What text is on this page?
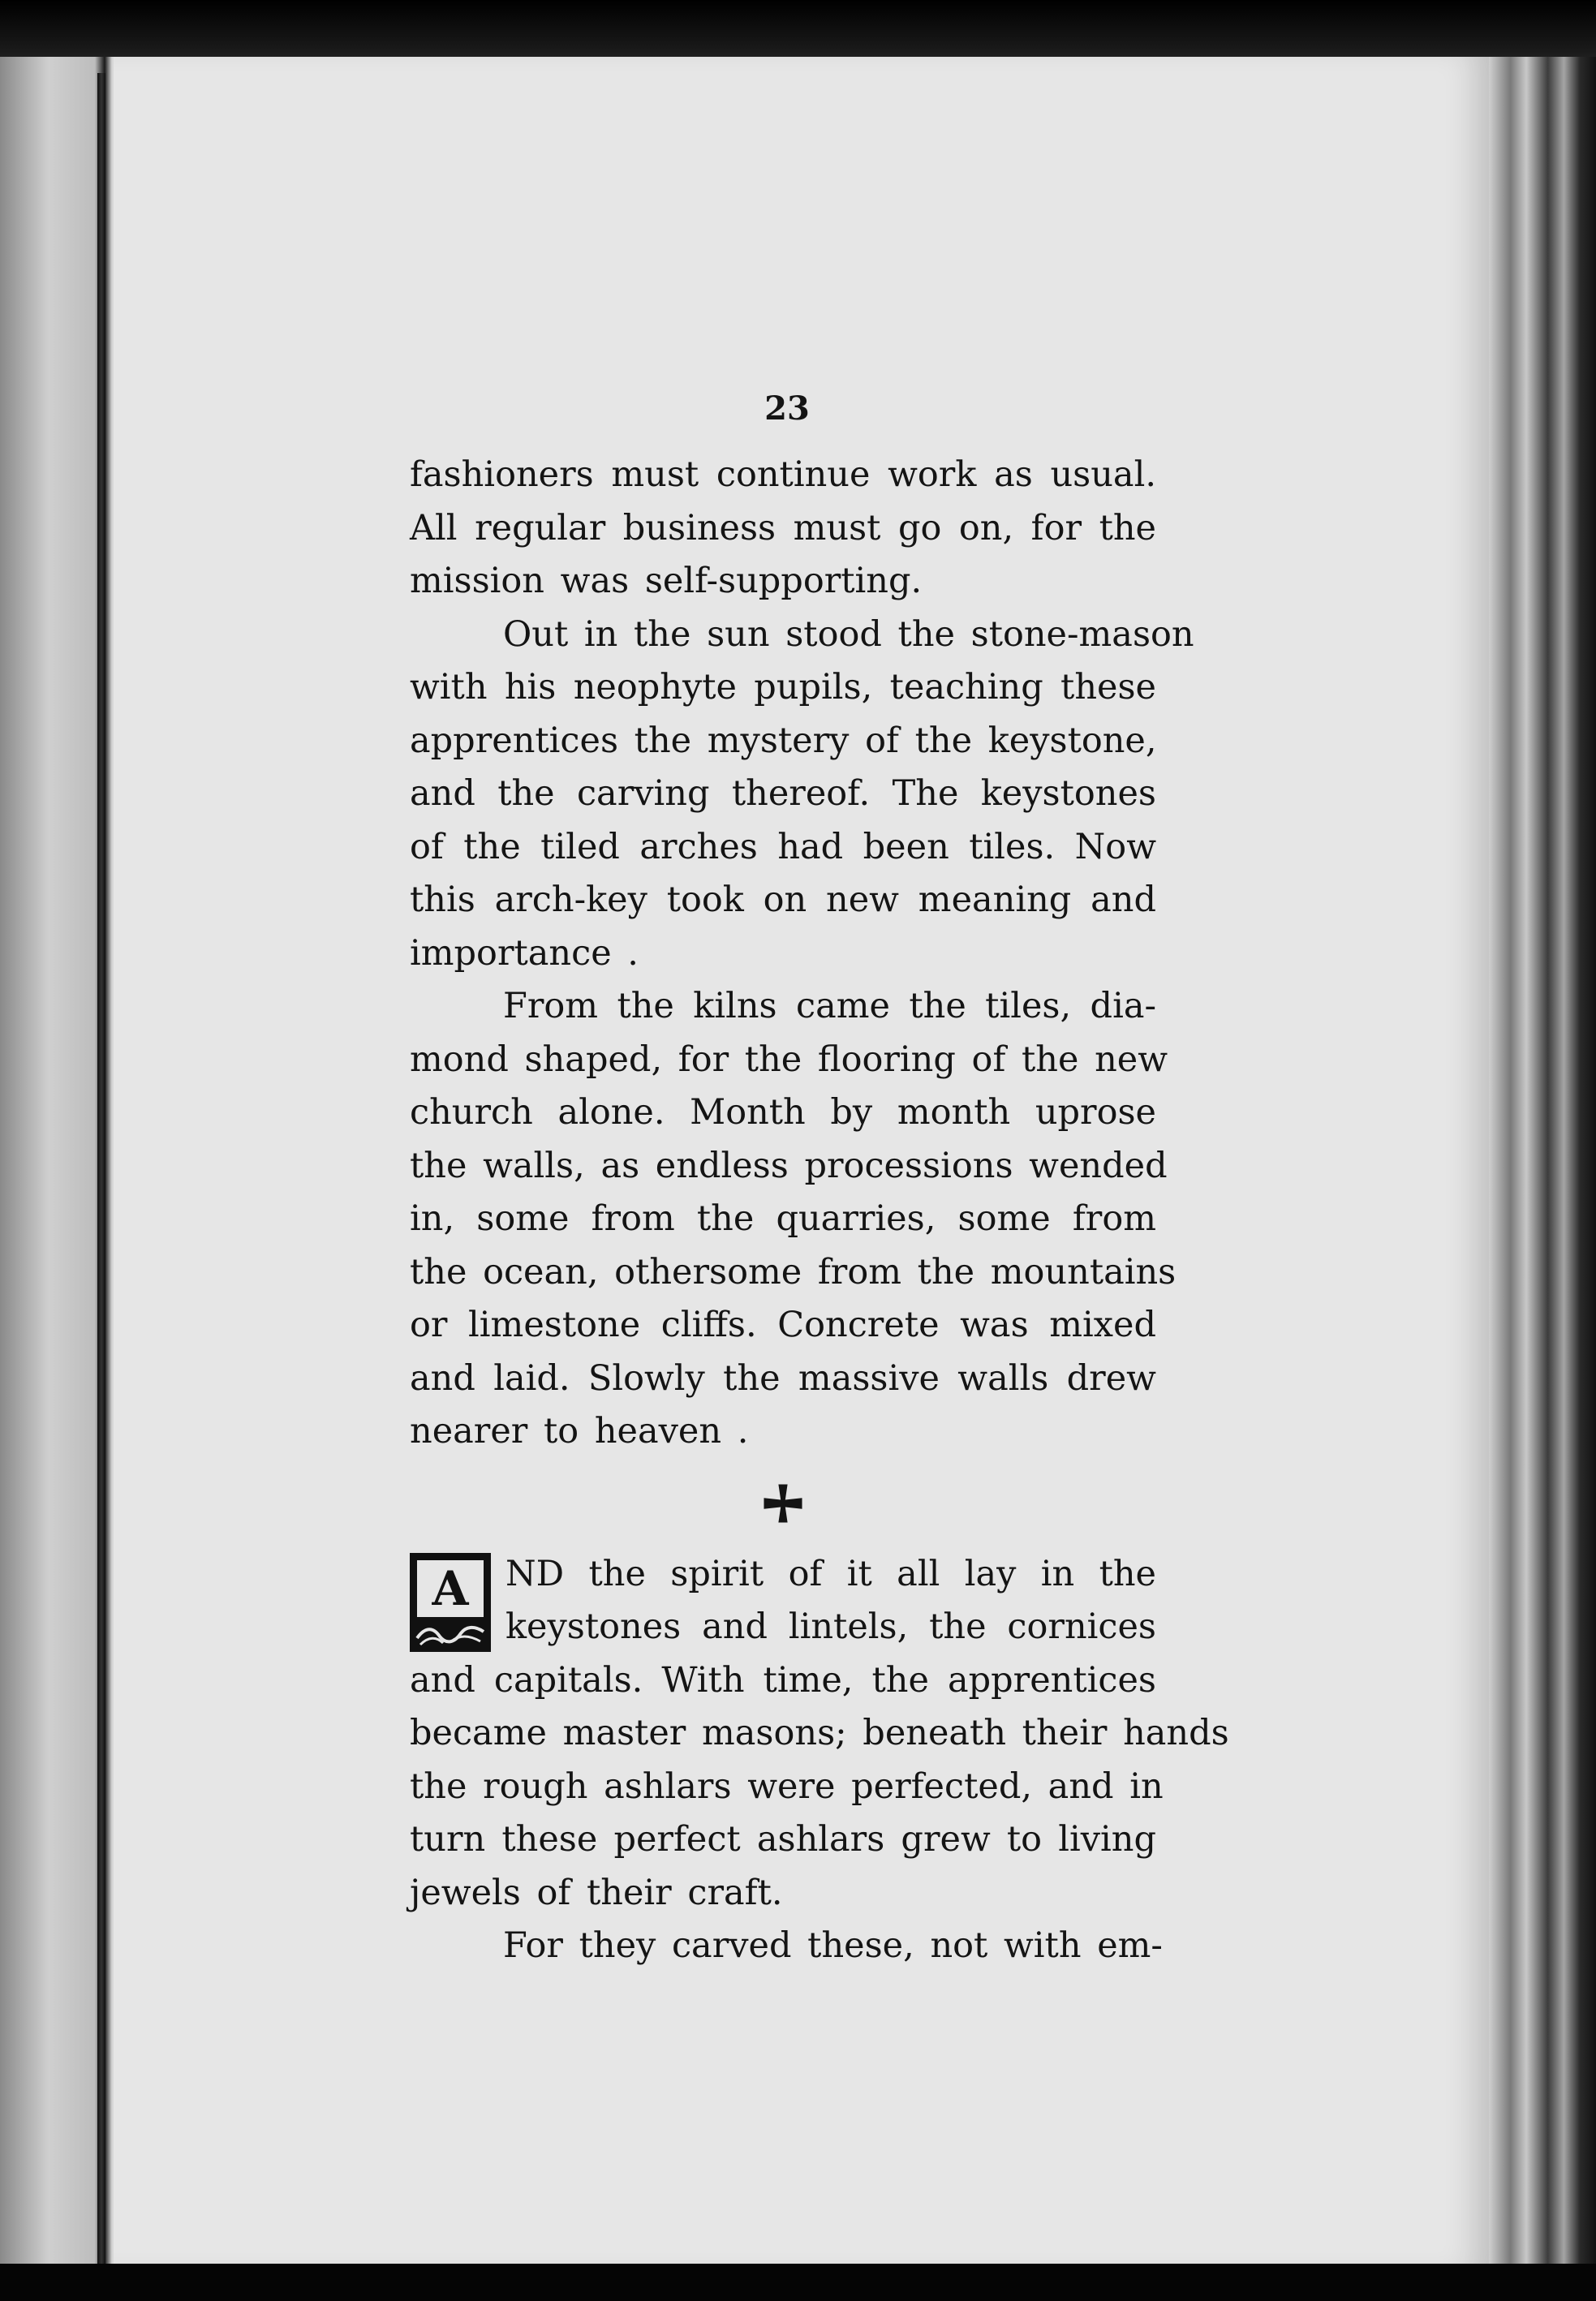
23
fashioners must continue work as usual.
All regular business must go on, for the
mission was self-supporting.
Out in the sun stood the stone-mason
with his neophyte pupils, teaching these
apprentices the mystery of the keystone,
and the carving thereof. The keystones
of the tiled arches had been tiles. Now
this arch-key took on new meaning and
importance .
From the kilns came the tiles, dia-
mond shaped, for the flooring of the new
church alone. Month by month uprose
the walls, as endless processions wended
in, some from the quarries, some from
the ocean, othersome from the mountains
or limestone cliffs. Concrete was mixed
and laid. Slowly the massive walls drew
nearer to heaven .
A	ND the spirit of it all lay in the
keystones and lintels, the cornices
and capitals. With time, the apprentices
became master masons; beneath their hands
the rough ashlars were perfected, and in
turn these perfect ashlars grew to living
jewels of their craft.
For they carved these, not with em-
